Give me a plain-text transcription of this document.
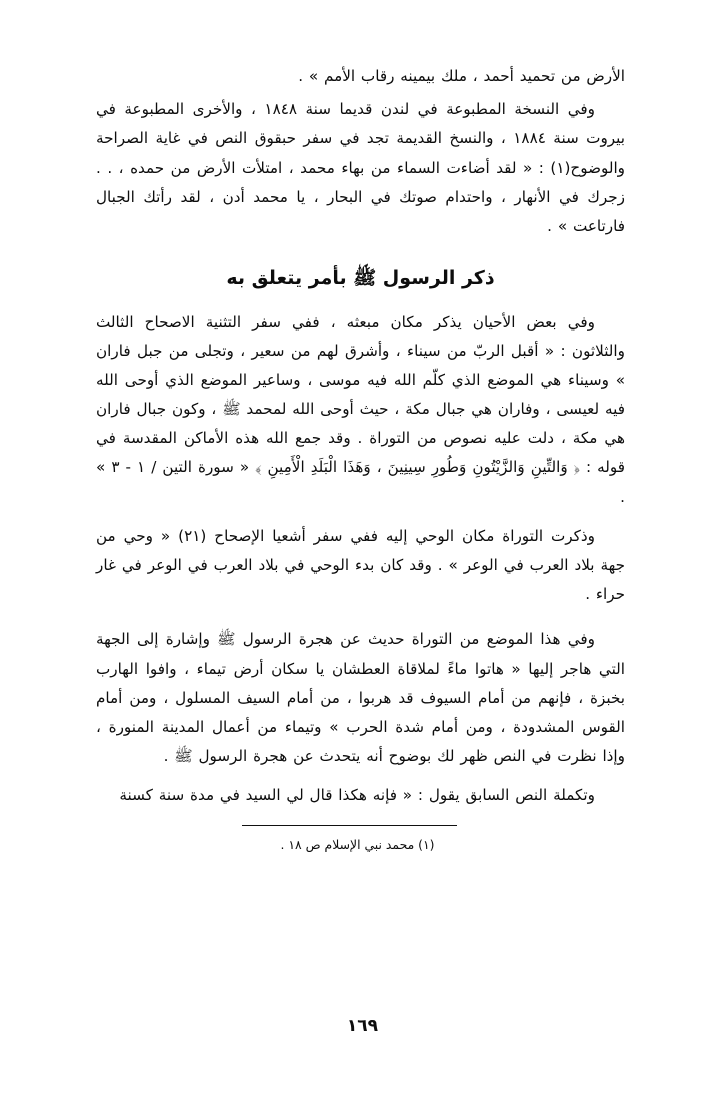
الأرض من تحميد أحمد ، ملك بيمينه رقاب الأمم » .

وفي النسخة المطبوعة في لندن قديما سنة ١٨٤٨ ، والأخرى المطبوعة في بيروت سنة ١٨٨٤ ، والنسخ القديمة تجد في سفر حبقوق النص في غاية الصراحة والوضوح(١) : « لقد أضاءت السماء من بهاء محمد ، امتلأت الأرض من حمده ، . . زجرك في الأنهار ، واحتدام صوتك في البحار ، يا محمد أدن ، لقد رأتك الجبال فارتاعت » .

ذكر الرسول ﷺ بأمر يتعلق به

وفي بعض الأحيان يذكر مكان مبعثه ، ففي سفر التثنية الاصحاح الثالث والثلاثون : « أقبل الربّ من سيناء ، وأشرق لهم من سعير ، وتجلى من جبل فاران » وسيناء هي الموضع الذي كلّم الله فيه موسى ، وساعير الموضع الذي أوحى الله فيه لعيسى ، وفاران هي جبال مكة ، حيث أوحى الله لمحمد ﷺ ، وكون جبال فاران هي مكة ، دلت عليه نصوص من التوراة . وقد جمع الله هذه الأماكن المقدسة في قوله : ﴿ وَالتِّينِ وَالزَّيْتُونِ وَطُورِ سِينِينَ ، وَهَذَا الْبَلَدِ الْأَمِينِ ﴾ « سورة التين / ١ - ٣ » .

وذكرت التوراة مكان الوحي إليه ففي سفر أشعيا الإصحاح (٢١) « وحي من جهة بلاد العرب في الوعر » . وقد كان بدء الوحي في بلاد العرب في الوعر في غار حراء .

وفي هذا الموضع من التوراة حديث عن هجرة الرسول ﷺ وإشارة إلى الجهة التي هاجر إليها « هاتوا ماءً لملاقاة العطشان يا سكان أرض تيماء ، وافوا الهارب بخبزة ، فإنهم من أمام السيوف قد هربوا ، من أمام السيف المسلول ، ومن أمام القوس المشدودة ، ومن أمام شدة الحرب » وتيماء من أعمال المدينة المنورة ، وإذا نظرت في النص ظهر لك بوضوح أنه يتحدث عن هجرة الرسول ﷺ .

وتكملة النص السابق يقول : « فإنه هكذا قال لي السيد في مدة سنة كسنة

(١) محمد نبي الإسلام ص ١٨ .

١٦٩
